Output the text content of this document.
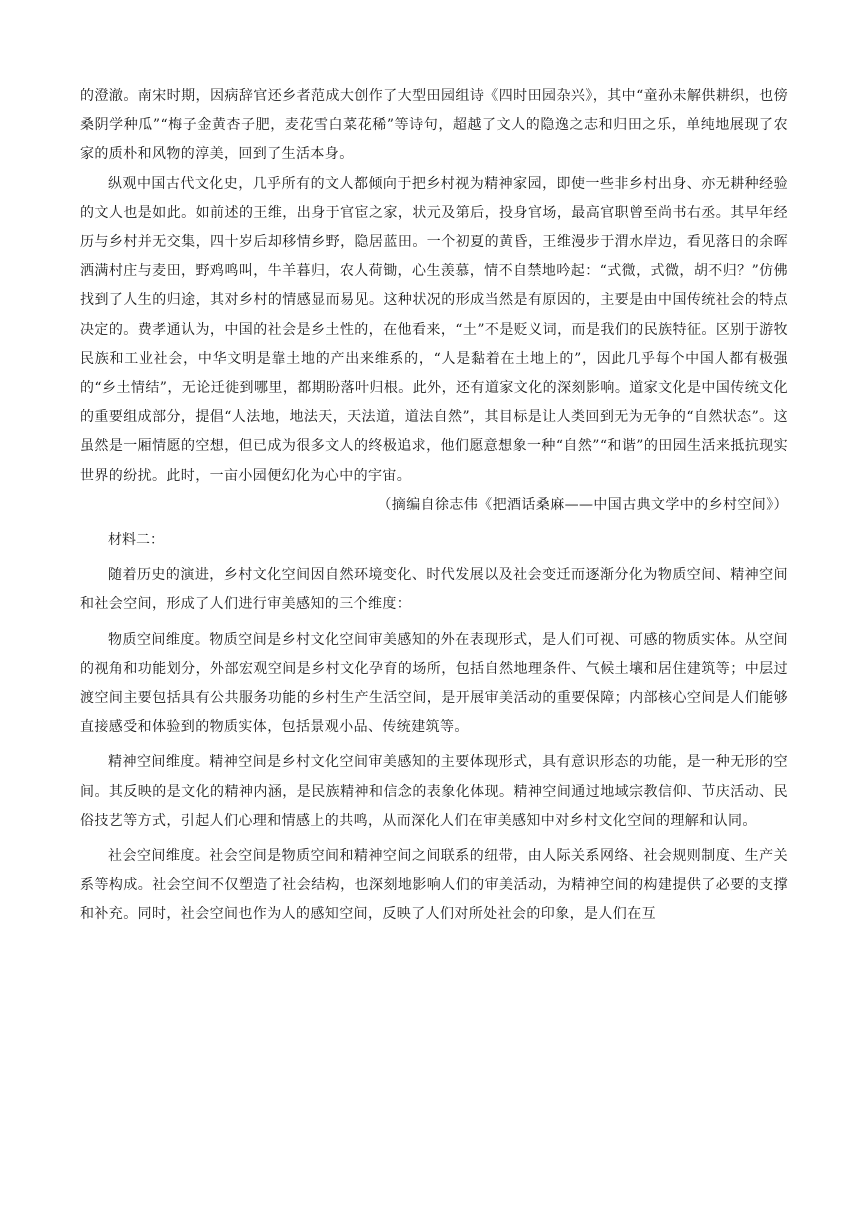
的澄澈。南宋时期，因病辞官还乡者范成大创作了大型田园组诗《四时田园杂兴》，其中“童孙未解供耕织，也傍桑阴学种瓜”“梅子金黄杏子肥，麦花雪白菜花稀”等诗句，超越了文人的隐逸之志和归田之乐，单纯地展现了农家的质朴和风物的淳美，回到了生活本身。

纵观中国古代文化史，几乎所有的文人都倾向于把乡村视为精神家园，即使一些非乡村出身、亦无耕种经验的文人也是如此。如前述的王维，出身于官宦之家，状元及第后，投身官场，最高官职曾至尚书右丞。其早年经历与乡村并无交集，四十岁后却移情乡野，隐居蓝田。一个初夏的黄昏，王维漫步于渭水岸边，看见落日的余晖洒满村庄与麦田，野鸡鸣叫，牛羊暮归，农人荷锄，心生羡慕，情不自禁地吟起：“式微，式微，胡不归？”仿佛找到了人生的归途，其对乡村的情感显而易见。这种状况的形成当然是有原因的，主要是由中国传统社会的特点决定的。费孝通认为，中国的社会是乡土性的，在他看来，“土”不是贬义词，而是我们的民族特征。区别于游牧民族和工业社会，中华文明是靠土地的产出来维系的，“人是黏着在土地上的”，因此几乎每个中国人都有极强的“乡土情结”，无论迁徙到哪里，都期盼落叶归根。此外，还有道家文化的深刻影响。道家文化是中国传统文化的重要组成部分，提倡“人法地，地法天，天法道，道法自然”，其目标是让人类回到无为无争的“自然状态”。这虽然是一厢情愿的空想，但已成为很多文人的终极追求，他们愿意想象一种“自然”“和谐”的田园生活来抵抗现实世界的纷扰。此时，一亩小园便幻化为心中的宇宙。

（摘编自徐志伟《把酒话桑麻——中国古典文学中的乡村空间》）

材料二：

随着历史的演进，乡村文化空间因自然环境变化、时代发展以及社会变迁而逐渐分化为物质空间、精神空间和社会空间，形成了人们进行审美感知的三个维度：

物质空间维度。物质空间是乡村文化空间审美感知的外在表现形式，是人们可视、可感的物质实体。从空间的视角和功能划分，外部宏观空间是乡村文化孕育的场所，包括自然地理条件、气候土壤和居住建筑等；中层过渡空间主要包括具有公共服务功能的乡村生产生活空间，是开展审美活动的重要保障；内部核心空间是人们能够直接感受和体验到的物质实体，包括景观小品、传统建筑等。

精神空间维度。精神空间是乡村文化空间审美感知的主要体现形式，具有意识形态的功能，是一种无形的空间。其反映的是文化的精神内涵，是民族精神和信念的表象化体现。精神空间通过地域宗教信仰、节庆活动、民俗技艺等方式，引起人们心理和情感上的共鸣，从而深化人们在审美感知中对乡村文化空间的理解和认同。

社会空间维度。社会空间是物质空间和精神空间之间联系的纽带，由人际关系网络、社会规则制度、生产关系等构成。社会空间不仅塑造了社会结构，也深刻地影响人们的审美活动，为精神空间的构建提供了必要的支撑和补充。同时，社会空间也作为人的感知空间，反映了人们对所处社会的印象，是人们在互
